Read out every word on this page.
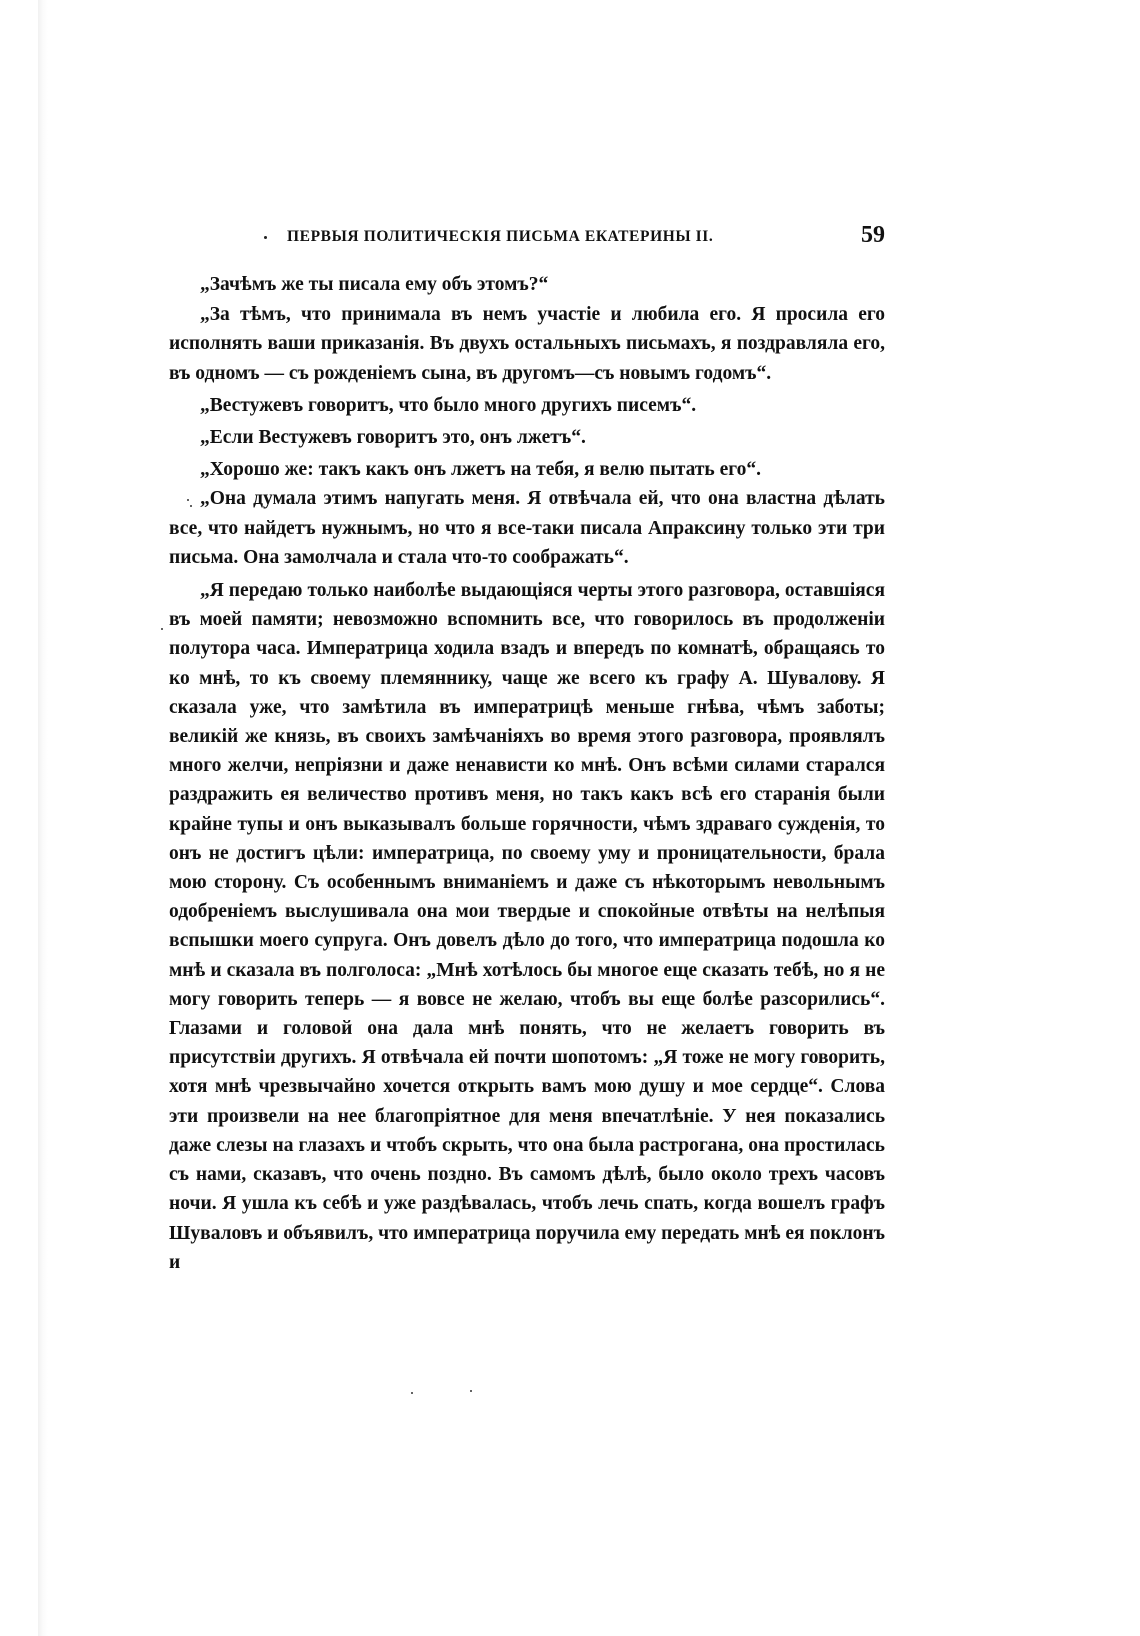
ПЕРВЫЯ ПОЛИТИЧЕСКІЯ ПИСЬМА ЕКАТЕРИНЫ II.	59

„Зачѣмъ же ты писала ему объ этомъ?“

„За тѣмъ, что принимала въ немъ участіе и любила его. Я просила его исполнять ваши приказанія. Въ двухъ остальныхъ письмахъ, я поздравляла его, въ одномъ — съ рожденіемъ сына, въ другомъ—съ новымъ годомъ“.

„Вестужевъ говоритъ, что было много другихъ писемъ“.

„Если Вестужевъ говоритъ это, онъ лжетъ“.

„Хорошо же: такъ какъ онъ лжетъ на тебя, я велю пытать его“.

„Она думала этимъ напугать меня. Я отвѣчала ей, что она властна дѣлать все, что найдетъ нужнымъ, но что я все-таки писала Апраксину только эти три письма. Она замолчала и стала что-то соображать“.

„Я передаю только наиболѣе выдающіяся черты этого разговора, оставшіяся въ моей памяти; невозможно вспомнить все, что говорилось въ продолженіи полутора часа. Императрица ходила взадъ и впередъ по комнатѣ, обращаясь то ко мнѣ, то къ своему племяннику, чаще же всего къ графу А. Шувалову. Я сказала уже, что замѣтила въ императрицѣ меньше гнѣва, чѣмъ заботы; великій же князь, въ своихъ замѣчаніяхъ во время этого разговора, проявлялъ много желчи, непріязни и даже ненависти ко мнѣ. Онъ всѣми силами старался раздражить ея величество противъ меня, но такъ какъ всѣ его старанія были крайне тупы и онъ выказывалъ больше горячности, чѣмъ здраваго сужденія, то онъ не достигъ цѣли: императрица, по своему уму и проницательности, брала мою сторону. Съ особеннымъ вниманіемъ и даже съ нѣкоторымъ невольнымъ одобреніемъ выслушивала она мои твердые и спокойные отвѣты на нелѣпыя вспышки моего супруга. Онъ довелъ дѣло до того, что императрица подошла ко мнѣ и сказала въ полголоса: „Мнѣ хотѣлось бы многое еще сказать тебѣ, но я не могу говорить теперь — я вовсе не желаю, чтобъ вы еще болѣе разсорились“. Глазами и головой она дала мнѣ понять, что не желаетъ говорить въ присутствіи другихъ. Я отвѣчала ей почти шопотомъ: „Я тоже не могу говорить, хотя мнѣ чрезвычайно хочется открыть вамъ мою душу и мое сердце“. Слова эти произвели на нее благопріятное для меня впечатлѣніе. У нея показались даже слезы на глазахъ и чтобъ скрыть, что она была растрогана, она простилась съ нами, сказавъ, что очень поздно. Въ самомъ дѣлѣ, было около трехъ часовъ ночи. Я ушла къ себѣ и уже раздѣвалась, чтобъ лечь спать, когда вошелъ графъ Шуваловъ и объявилъ, что императрица поручила ему передать мнѣ ея поклонъ и
